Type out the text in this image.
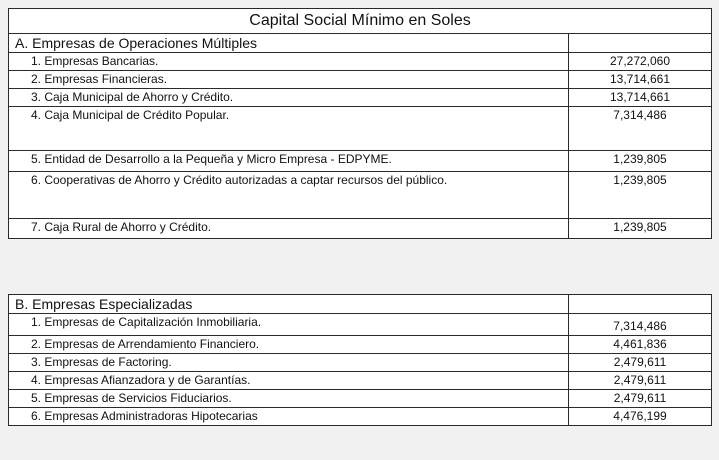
Capital Social Mínimo en Soles	
A. Empresas de Operaciones Múltiples	
1. Empresas Bancarias.	27,272,060
2. Empresas Financieras.	13,714,661
3. Caja Municipal de Ahorro y Crédito.	13,714,661
4. Caja Municipal de Crédito Popular.	7,314,486
5. Entidad de Desarrollo a la Pequeña y Micro Empresa - EDPYME.	1,239,805
6. Cooperativas de Ahorro y Crédito autorizadas a captar recursos del público.	1,239,805
7. Caja Rural de Ahorro y Crédito.	1,239,805
B. Empresas Especializadas	
1. Empresas de Capitalización Inmobiliaria.	7,314,486
2. Empresas de Arrendamiento Financiero.	4,461,836
3. Empresas de Factoring.	2,479,611
4. Empresas Afianzadora y de Garantías.	2,479,611
5. Empresas de Servicios Fiduciarios.	2,479,611
6. Empresas Administradoras Hipotecarias	4,476,199
